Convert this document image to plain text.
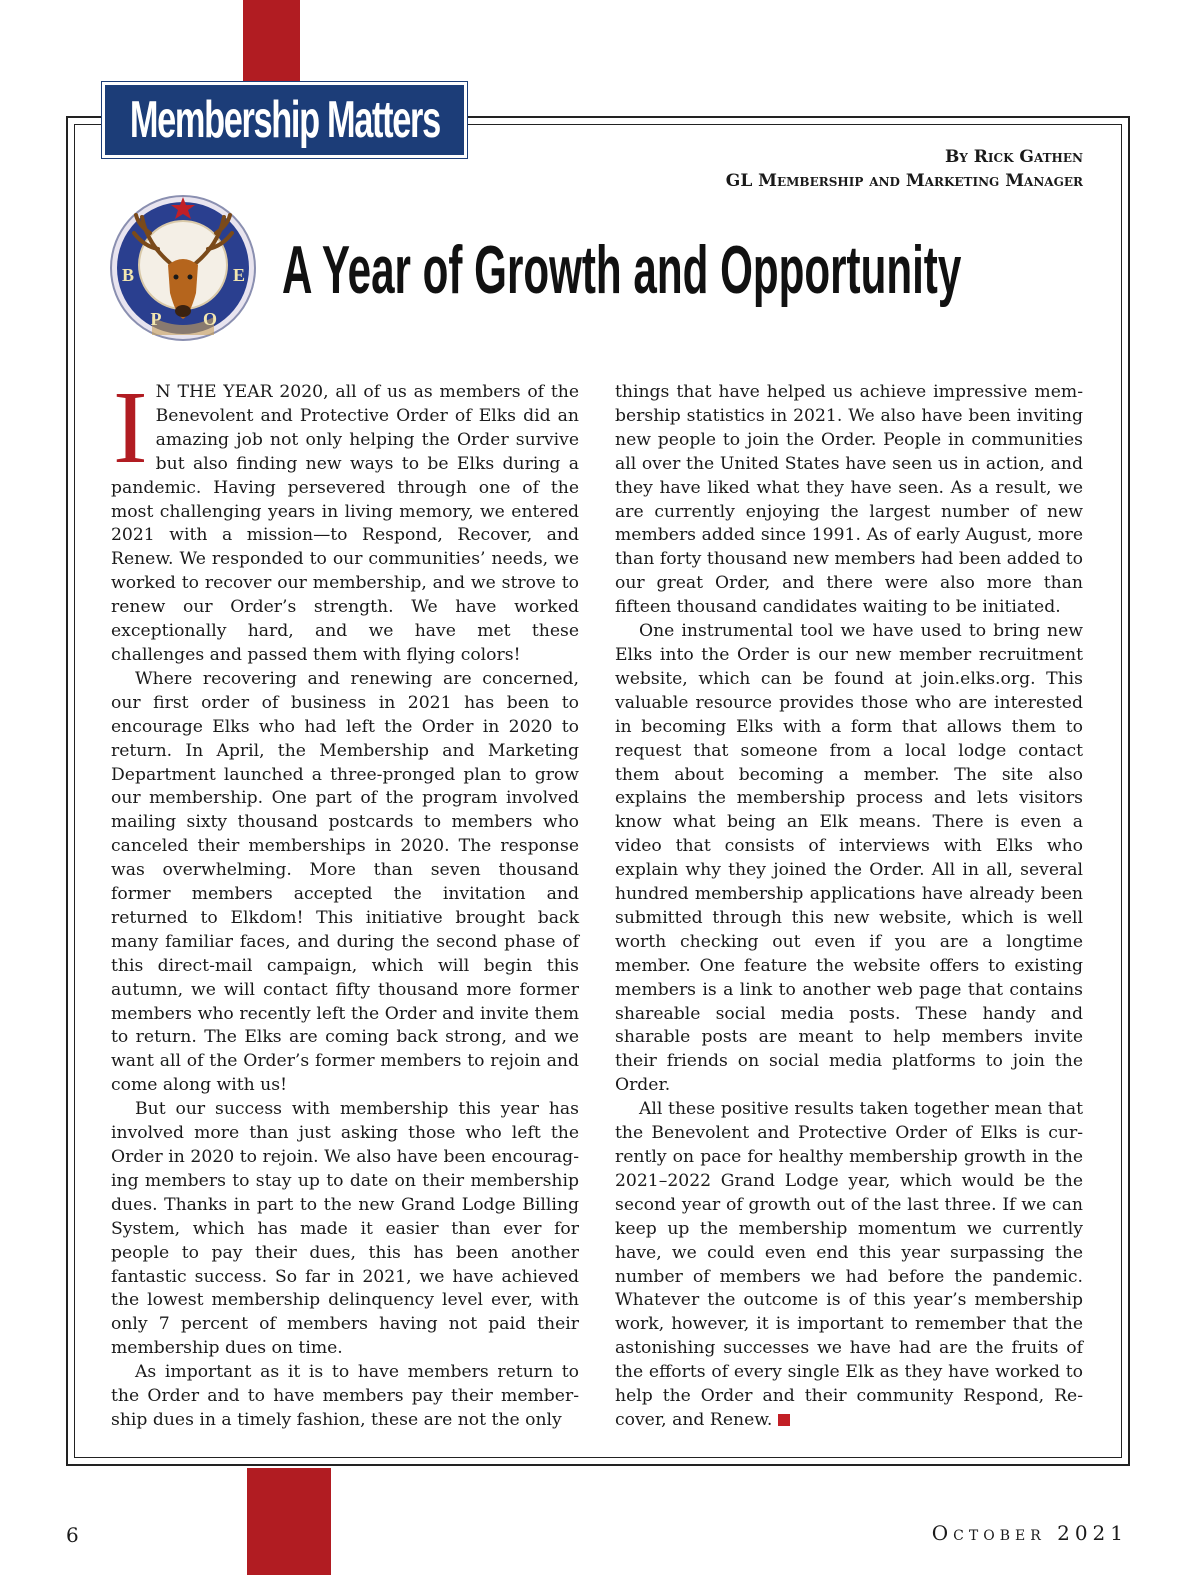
Membership Matters
By Rick Gathen
GL Membership and Marketing Manager
B
P O
E A Year of Growth and Opportunity

I N THE YEAR 2020, all of us as members of the Benevolent and Protective Order of Elks did an amazing job not only helping the Order survive but also finding new ways to be Elks during a pandemic. Having persevered through one of the most challenging years in living memory, we entered 2021 with a mission—to Respond, Recover, and Renew. We responded to our communities’ needs, we worked to recover our membership, and we strove to renew our Order’s strength. We have worked exceptionally hard, and we have met these challenges and passed them with flying colors!

Where recovering and renewing are concerned, our first order of business in 2021 has been to encourage Elks who had left the Order in 2020 to return. In April, the Membership and Marketing Department launched a three-pronged plan to grow our membership. One part of the program involved mailing sixty thousand postcards to members who canceled their memberships in 2020. The response was overwhelming. More than seven thousand former members accepted the invitation and returned to Elkdom! This initiative brought back many familiar faces, and during the second phase of this direct-mail campaign, which will begin this autumn, we will contact fifty thousand more former members who recently left the Order and invite them to return. The Elks are coming back strong, and we want all of the Order’s former members to rejoin and come along with us!

But our success with membership this year has involved more than just asking those who left the Order in 2020 to rejoin. We also have been encouraging members to stay up to date on their membership dues. Thanks in part to the new Grand Lodge Billing System, which has made it easier than ever for people to pay their dues, this has been another fantastic success. So far in 2021, we have achieved the lowest membership delinquency level ever, with only 7 percent of members having not paid their membership dues on time.

As important as it is to have members return to the Order and to have members pay their membership dues in a timely fashion, these are not the only

things that have helped us achieve impressive membership statistics in 2021. We also have been inviting new people to join the Order. People in communities all over the United States have seen us in action, and they have liked what they have seen. As a result, we are currently enjoying the largest number of new members added since 1991. As of early August, more than forty thousand new members had been added to our great Order, and there were also more than fifteen thousand candidates waiting to be initiated.

One instrumental tool we have used to bring new Elks into the Order is our new member recruitment website, which can be found at join.elks.org. This valuable resource provides those who are interested in becoming Elks with a form that allows them to request that someone from a local lodge contact them about becoming a member. The site also explains the membership process and lets visitors know what being an Elk means. There is even a video that consists of interviews with Elks who explain why they joined the Order. All in all, several hundred membership applications have already been submitted through this new website, which is well worth checking out even if you are a longtime member. One feature the website offers to existing members is a link to another web page that contains shareable social media posts. These handy and sharable posts are meant to help members invite their friends on social media platforms to join the Order.

All these positive results taken together mean that the Benevolent and Protective Order of Elks is currently on pace for healthy membership growth in the 2021–2022 Grand Lodge year, which would be the second year of growth out of the last three. If we can keep up the membership momentum we currently have, we could even end this year surpassing the number of members we had before the pandemic. Whatever the outcome is of this year’s membership work, however, it is important to remember that the astonishing successes we have had are the fruits of the efforts of every single Elk as they have worked to help the Order and their community Respond, Recover, and Renew.

6	October 2021
